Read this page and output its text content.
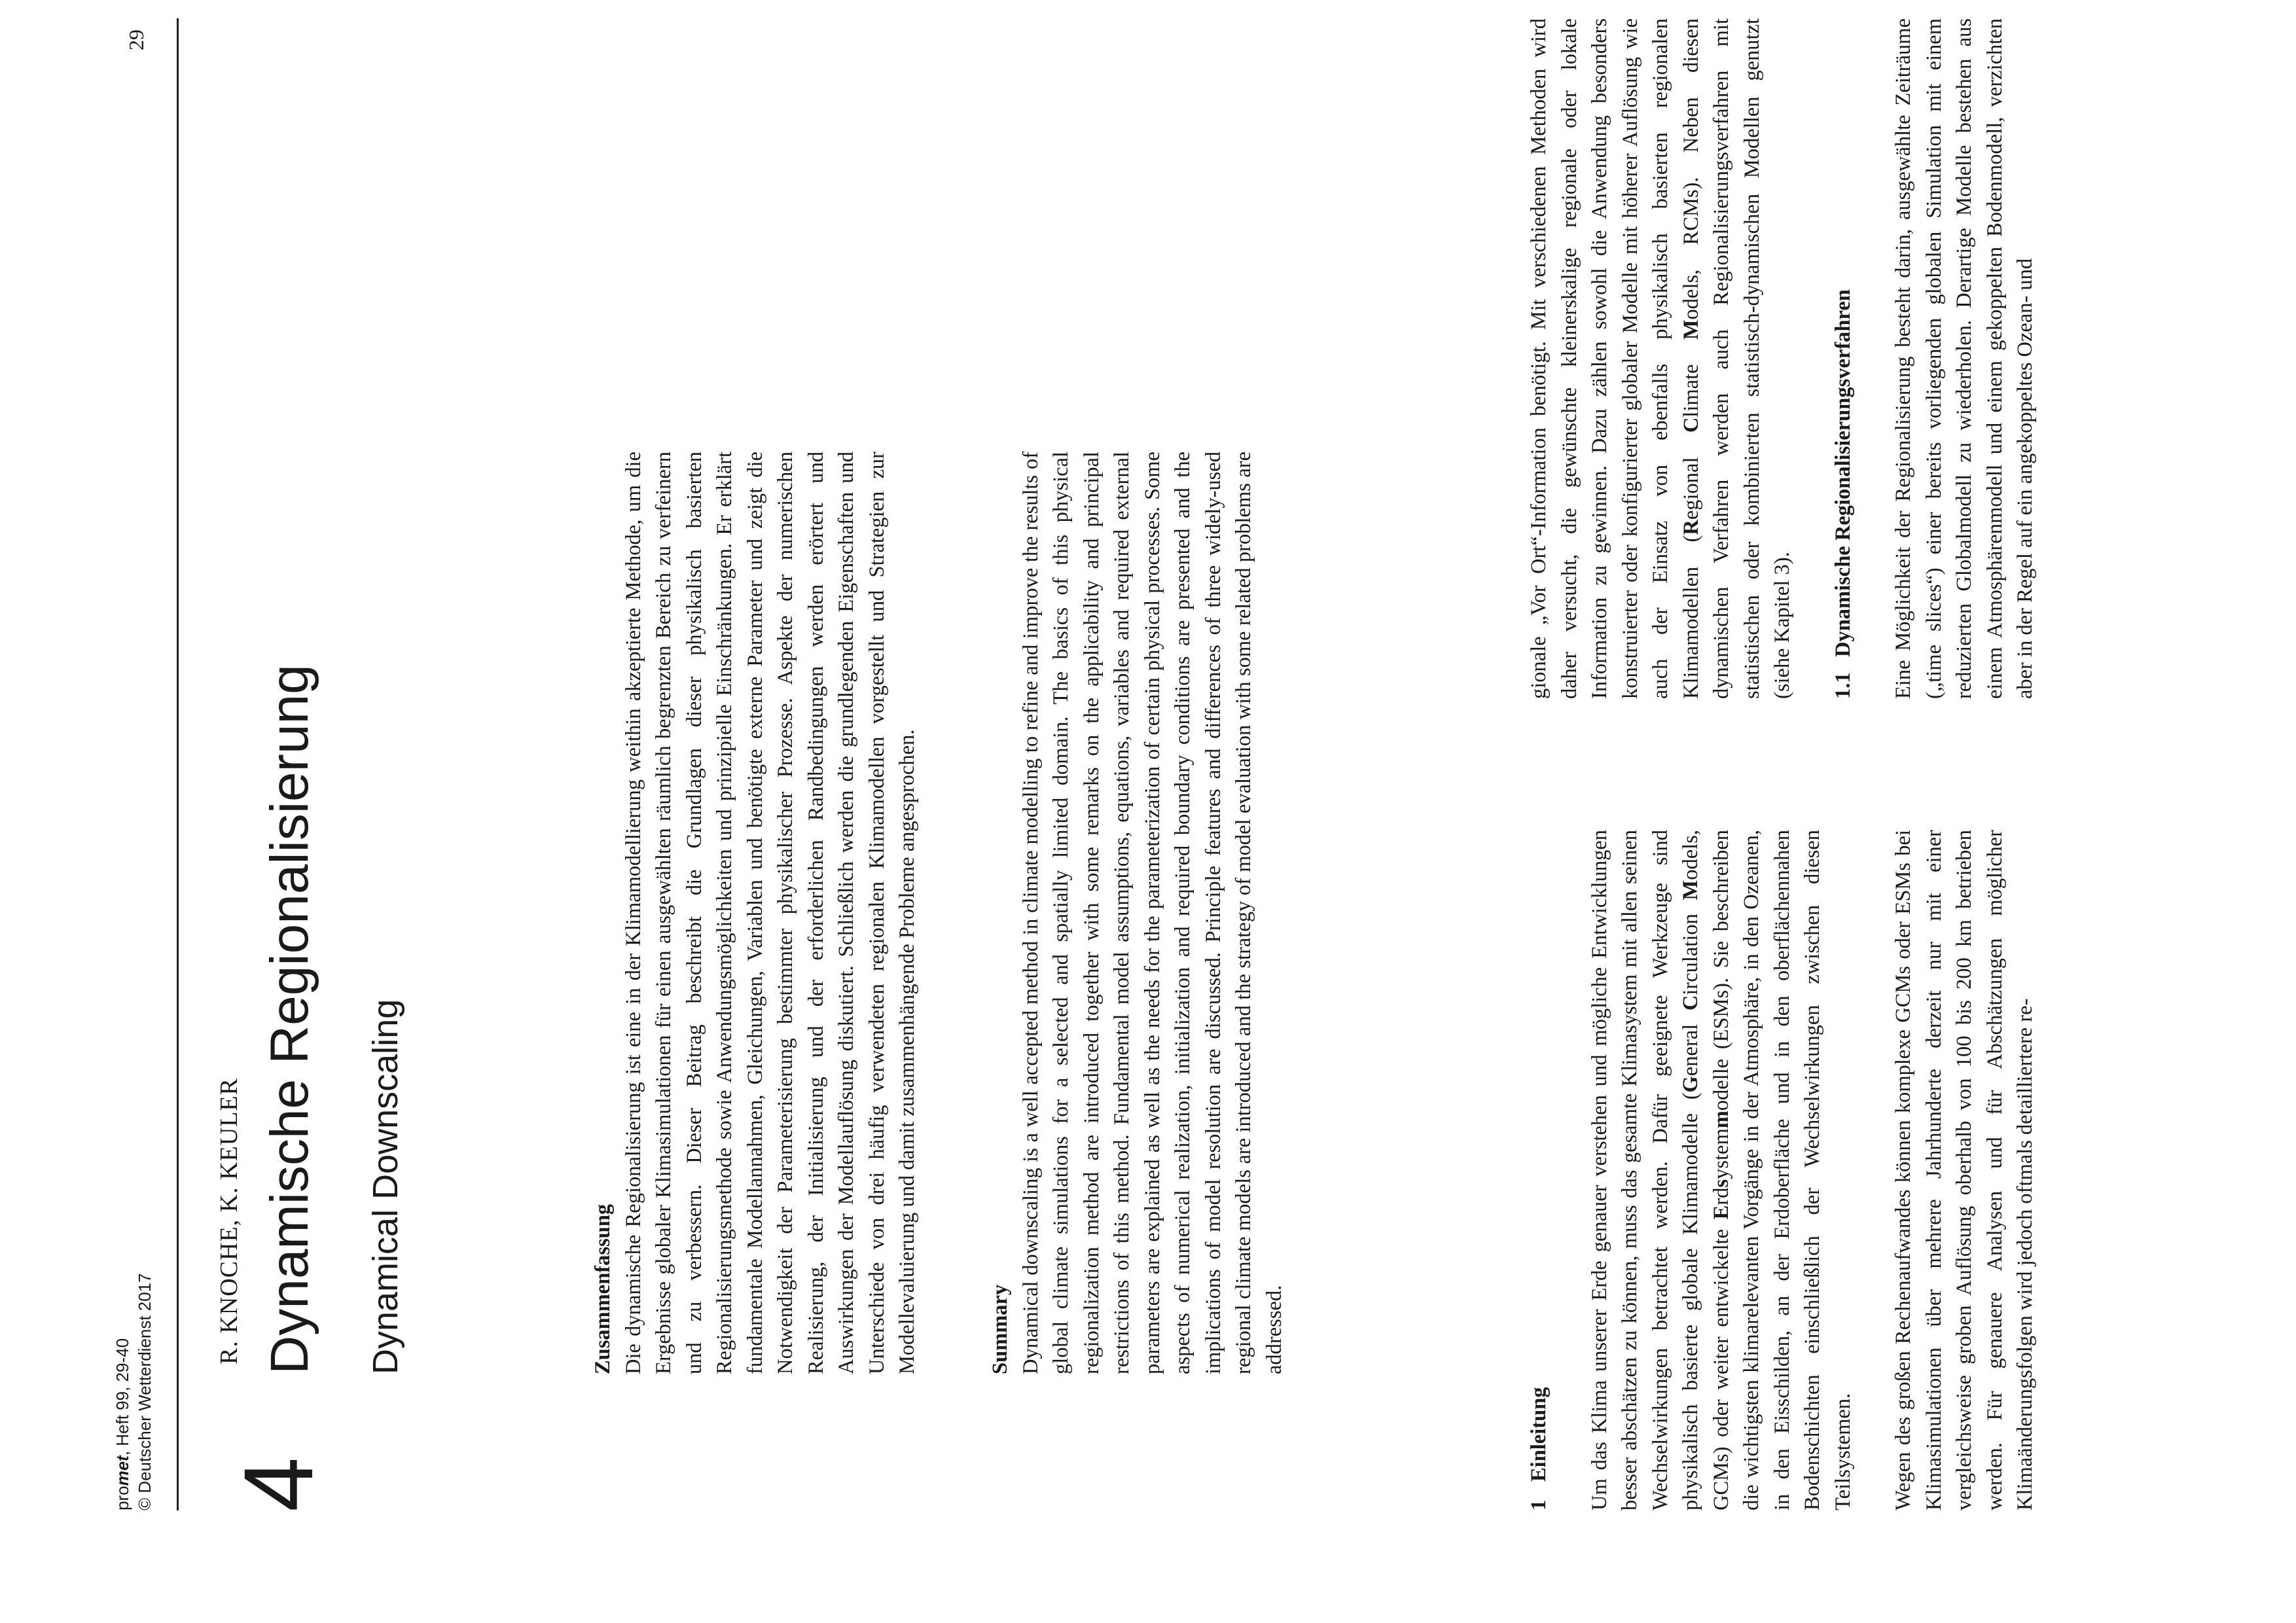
promet, Heft 99, 29-40 © Deutscher Wetterdienst 2017
29
4
R. KNOCHE, K. KEULER Dynamische Regionalisierung Dynamical Downscaling	Zusammenfassung Die dynamische Regionalisierung ist eine in der Klimamodellierung weithin akzeptierte Methode, um die Ergebnisse globaler Klimasimulationen für einen ausgewählten räumlich begrenzten Bereich zu verfeinern und zu verbessern. Dieser Beitrag beschreibt die Grundlagen dieser physikalisch basierten Regionalisierungsmethode sowie Anwendungsmöglichkeiten und prinzipielle Einschränkungen. Er erklärt fundamentale Modellannahmen, Gleichungen, Variablen und benötigte externe Parameter und zeigt die Notwendigkeit der Parameterisierung bestimmter physikalischer Prozesse. Aspekte der numerischen Realisierung, der Initialisierung und der erforderlichen Randbedingungen werden erörtert und Auswirkungen der Modellauflösung diskutiert. Schließlich werden die grundlegenden Eigenschaften und Unterschiede von drei häufig verwendeten regionalen Klimamodellen vorgestellt und Strategien zur Modellevaluierung und damit zusammenhängende Probleme angesprochen.	Summary Dynamical downscaling is a well accepted method in climate modelling to refine and improve the results of global climate simulations for a selected and spatially limited domain. The basics of this physical regionalization method are introduced together with some remarks on the applicability and principal restrictions of this method. Fundamental model assumptions, equations, variables and required external parameters are explained as well as the needs for the parameterization of certain physical processes. Some aspects of numerical realization, initialization and required boundary conditions are presented and the implications of model resolution are discussed. Principle features and differences of three widely-used regional climate models are introduced and the strategy of model evaluation with some related problems are addressed.

1Einleitung Um das Klima unserer Erde genauer verstehen und mögliche Entwicklungen besser abschätzen zu können, muss das gesamte Klimasystem mit allen seinen Wechselwirkungen betrachtet werden. Dafür geeignete Werkzeuge sind physikalisch basierte globale Klimamodelle (General Circulation Models, GCMs) oder weiter entwickelte Erdsystemmodelle (ESMs). Sie beschreiben die wichtigsten klimarelevanten Vorgänge in der Atmosphäre, in den Ozeanen, in den Eisschilden, an der Erdoberfläche und in den oberflächennahen Bodenschichten einschließlich der Wechselwirkungen zwischen diesen Teilsystemen. Wegen des großen Rechenaufwandes können komplexe GCMs oder ESMs bei Klimasimulationen über mehrere Jahrhunderte derzeit nur mit einer vergleichsweise groben Auflösung oberhalb von 100 bis 200 km betrieben werden. Für genauere Analysen und für Abschätzungen möglicher Klimaänderungsfolgen wird jedoch oftmals detailliertere re-

gionale „Vor Ort“-Information benötigt. Mit verschiedenen Methoden wird daher versucht, die gewünschte kleinerskalige regionale oder lokale Information zu gewinnen. Dazu zählen sowohl die Anwendung besonders konstruierter oder konfigurierter globaler Modelle mit höherer Auflösung wie auch der Einsatz von ebenfalls physikalisch basierten regionalen Klimamodellen (Regional Climate Models, RCMs). Neben diesen dynamischen Verfahren werden auch Regionalisierungsverfahren mit statistischen oder kombinierten statistisch-dynamischen Modellen genutzt (siehe Kapitel 3). 1.1Dynamische Regionalisierungsverfahren Eine Möglichkeit der Regionalisierung besteht darin, ausgewählte Zeiträume („time slices“) einer bereits vorliegenden globalen Simulation mit einem reduzierten Globalmodell zu wiederholen. Derartige Modelle bestehen aus einem Atmosphärenmodell und einem gekoppelten Bodenmodell, verzichten aber in der Regel auf ein angekoppeltes Ozean- und
